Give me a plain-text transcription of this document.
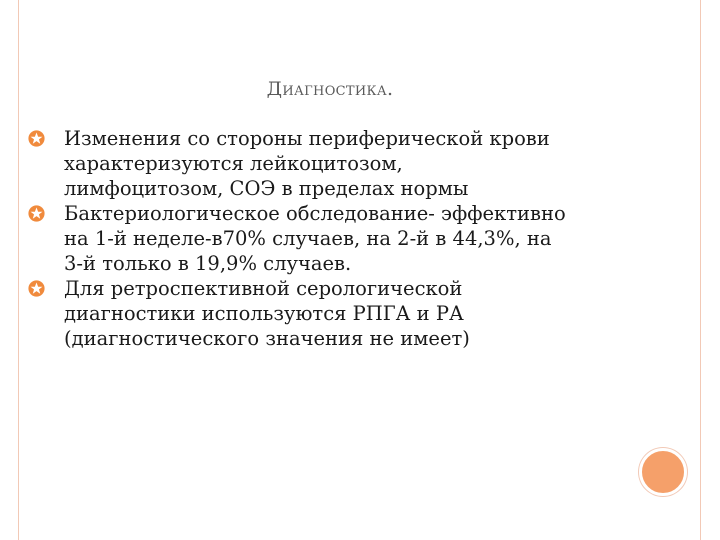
Диагностика.
Изменения со стороны периферической крови
характеризуются лейкоцитозом,
лимфоцитозом, СОЭ в пределах нормы
Бактериологическое обследование- эффективно
на 1-й неделе-в70% случаев, на 2-й в 44,3%, на
3-й только в 19,9% случаев.
Для ретроспективной серологической
диагностики используются РПГА и РА
(диагностического значения не имеет)
